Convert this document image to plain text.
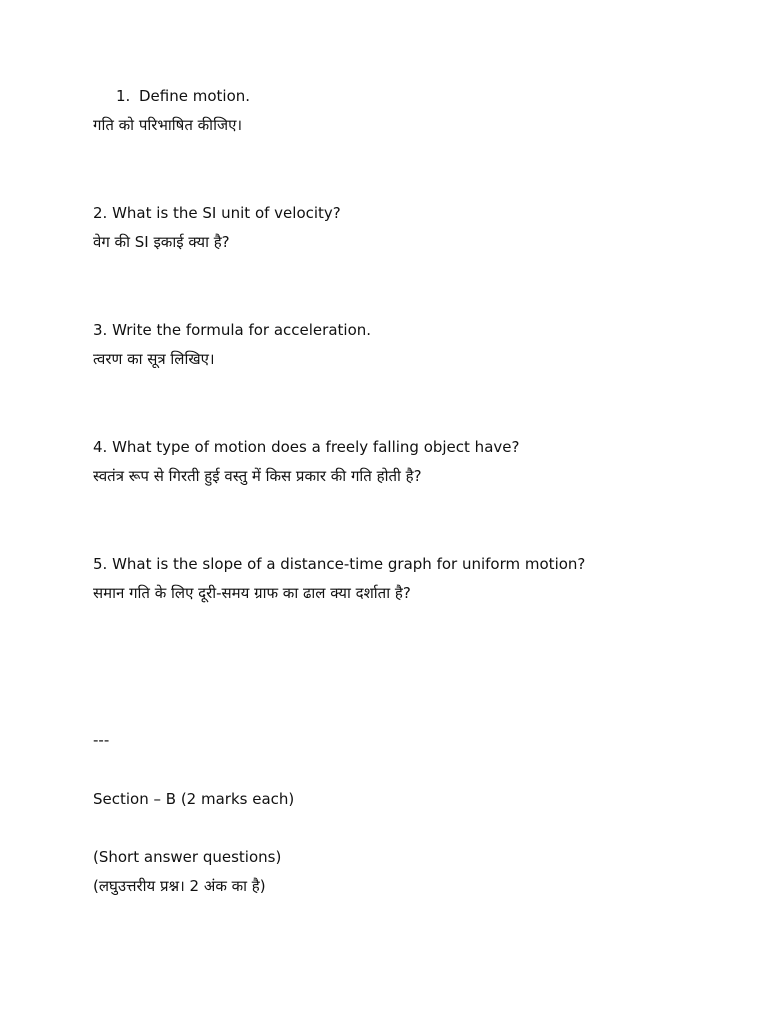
1. Define motion.
गति को परिभाषित कीजिए।
2. What is the SI unit of velocity?
वेग की SI इकाई क्या है?
3. Write the formula for acceleration.
त्वरण का सूत्र लिखिए।
4. What type of motion does a freely falling object have?
स्वतंत्र रूप से गिरती हुई वस्तु में किस प्रकार की गति होती है?
5. What is the slope of a distance-time graph for uniform motion?
समान गति के लिए दूरी-समय ग्राफ का ढाल क्या दर्शाता है?
---
Section – B (2 marks each)
(Short answer questions)
(लघुउत्तरीय प्रश्न। 2 अंक का है)
